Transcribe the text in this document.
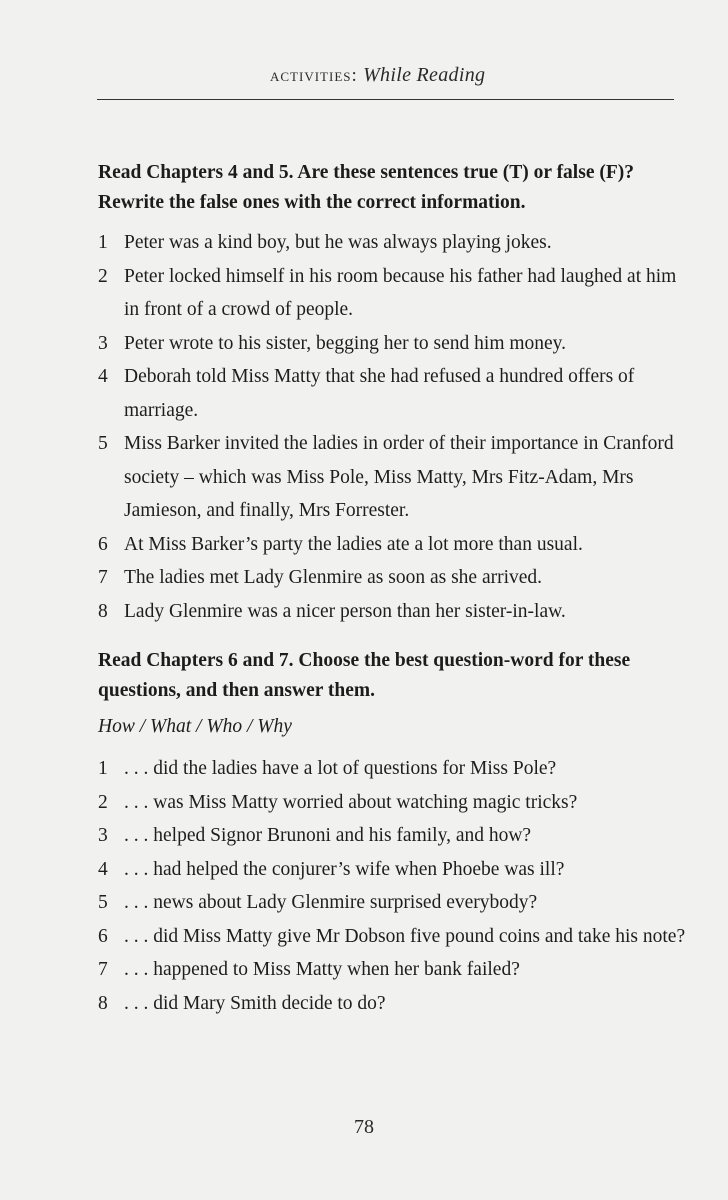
activities: While Reading

Read Chapters 4 and 5. Are these sentences true (T) or false (F)? Rewrite the false ones with the correct information.

1 Peter was a kind boy, but he was always playing jokes.
2 Peter locked himself in his room because his father had laughed at him in front of a crowd of people.
3 Peter wrote to his sister, begging her to send him money.
4 Deborah told Miss Matty that she had refused a hundred offers of marriage.
5 Miss Barker invited the ladies in order of their importance in Cranford society – which was Miss Pole, Miss Matty, Mrs Fitz-Adam, Mrs Jamieson, and finally, Mrs Forrester.
6 At Miss Barker’s party the ladies ate a lot more than usual.
7 The ladies met Lady Glenmire as soon as she arrived.
8 Lady Glenmire was a nicer person than her sister-in-law.

Read Chapters 6 and 7. Choose the best question-word for these questions, and then answer them.

How / What / Who / Why
1 . . . did the ladies have a lot of questions for Miss Pole?
2 . . . was Miss Matty worried about watching magic tricks?
3 . . . helped Signor Brunoni and his family, and how?
4 . . . had helped the conjurer’s wife when Phoebe was ill?
5 . . . news about Lady Glenmire surprised everybody?
6 . . . did Miss Matty give Mr Dobson five pound coins and take his note?
7 . . . happened to Miss Matty when her bank failed?
8 . . . did Mary Smith decide to do?
78
